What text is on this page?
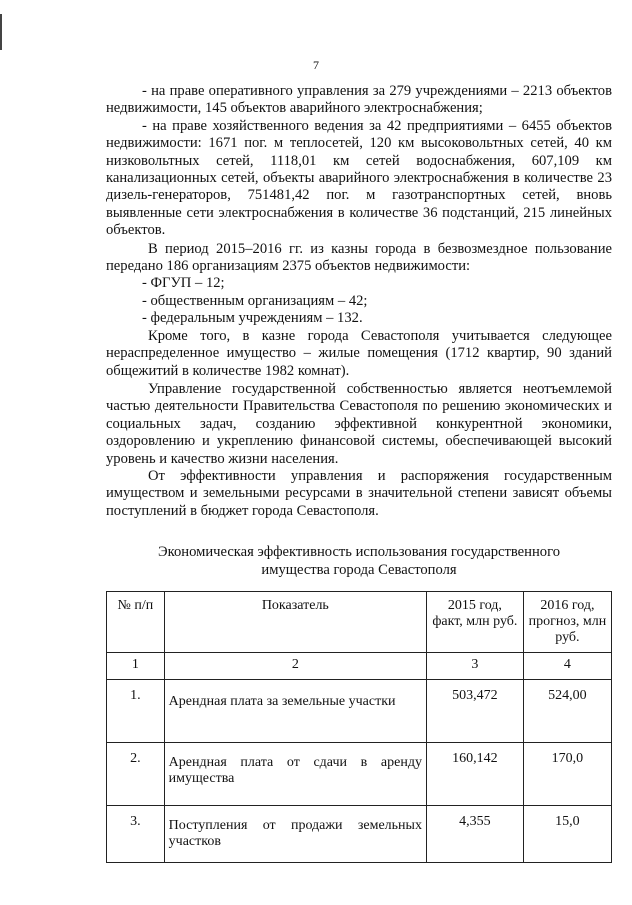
7

- на праве оперативного управления за 279 учреждениями – 2213 объектов недвижимости, 145 объектов аварийного электроснабжения;

- на праве хозяйственного ведения за 42 предприятиями – 6455 объектов недвижимости: 1671 пог. м теплосетей, 120 км высоковольтных сетей, 40 км низковольтных сетей, 1118,01 км сетей водоснабжения, 607,109 км канализационных сетей, объекты аварийного электроснабжения в количестве 23 дизель-генераторов, 751481,42 пог. м газотранспортных сетей, вновь выявленные сети электроснабжения в количестве 36 подстанций, 215 линейных объектов.

В период 2015–2016 гг. из казны города в безвозмездное пользование передано 186 организациям 2375 объектов недвижимости:

- ФГУП – 12;

- общественным организациям – 42;

- федеральным учреждениям – 132.

Кроме того, в казне города Севастополя учитывается следующее нераспределенное имущество – жилые помещения (1712 квартир, 90 зданий общежитий в количестве 1982 комнат).

Управление государственной собственностью является неотъемлемой частью деятельности Правительства Севастополя по решению экономических и социальных задач, созданию эффективной конкурентной экономики, оздоровлению и укреплению финансовой системы, обеспечивающей высокий уровень и качество жизни населения.

От эффективности управления и распоряжения государственным имуществом и земельными ресурсами в значительной степени зависят объемы поступлений в бюджет города Севастополя.

Экономическая эффективность использования государственного
имущества города Севастополя
№ п/п	Показатель	2015 год, факт, млн руб.	2016 год, прогноз, млн руб.
1	2	3	4
1.	Арендная плата за земельные участки	503,472	524,00
2.	Арендная плата от сдачи в аренду имущества	160,142	170,0
3.	Поступления от продажи земельных участков	4,355	15,0
